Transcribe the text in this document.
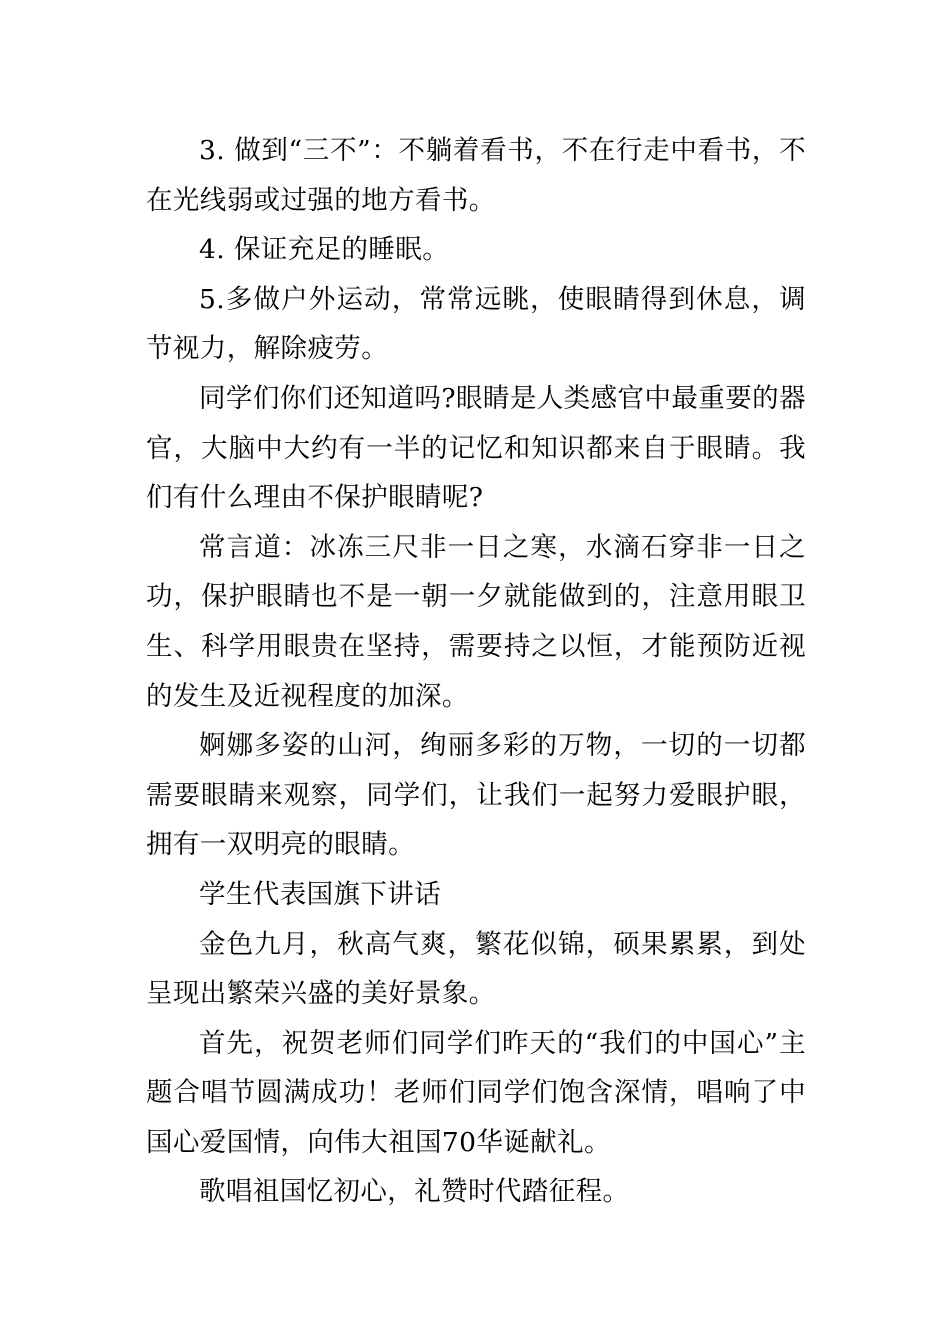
3. 做到“三不”：不躺着看书，不在行走中看书，不在光线弱或过强的地方看书。

4. 保证充足的睡眠。

5.多做户外运动，常常远眺，使眼睛得到休息，调节视力，解除疲劳。

同学们你们还知道吗?眼睛是人类感官中最重要的器官，大脑中大约有一半的记忆和知识都来自于眼睛。我们有什么理由不保护眼睛呢?

常言道：冰冻三尺非一日之寒，水滴石穿非一日之功，保护眼睛也不是一朝一夕就能做到的，注意用眼卫生、科学用眼贵在坚持，需要持之以恒，才能预防近视的发生及近视程度的加深。

婀娜多姿的山河，绚丽多彩的万物，一切的一切都需要眼睛来观察，同学们，让我们一起努力爱眼护眼，拥有一双明亮的眼睛。

学生代表国旗下讲话

金色九月，秋高气爽，繁花似锦，硕果累累，到处呈现出繁荣兴盛的美好景象。

首先，祝贺老师们同学们昨天的“我们的中国心”主题合唱节圆满成功！老师们同学们饱含深情，唱响了中国心爱国情，向伟大祖国70华诞献礼。

歌唱祖国忆初心，礼赞时代踏征程。
